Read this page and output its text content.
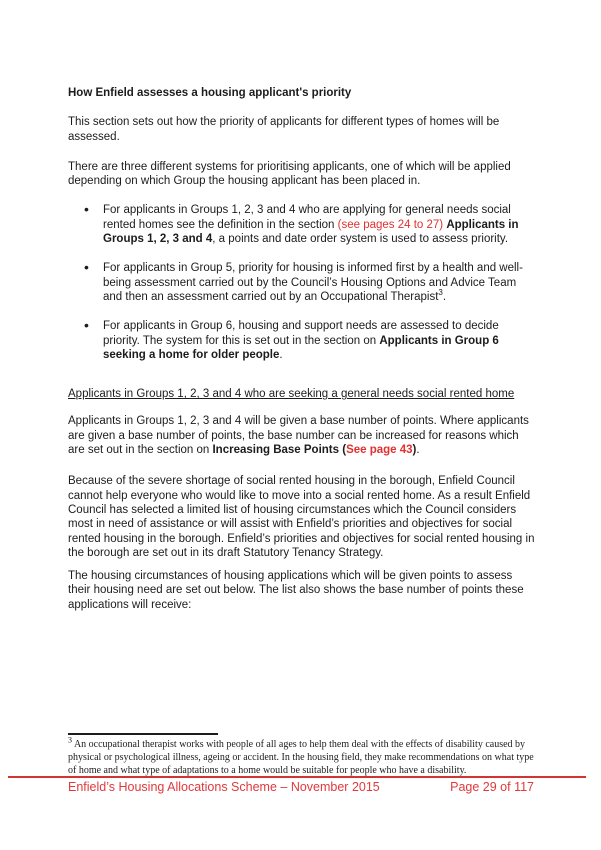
How Enfield assesses a housing applicant's priority

This section sets out how the priority of applicants for different types of homes will be assessed.

There are three different systems for prioritising applicants, one of which will be applied depending on which Group the housing applicant has been placed in.

• For applicants in Groups 1, 2, 3 and 4 who are applying for general needs social rented homes see the definition in the section (see pages 24 to 27) Applicants in Groups 1, 2, 3 and 4, a points and date order system is used to assess priority.
• For applicants in Group 5, priority for housing is informed first by a health and well-being assessment carried out by the Council’s Housing Options and Advice Team and then an assessment carried out by an Occupational Therapist$^3$.
• For applicants in Group 6, housing and support needs are assessed to decide priority. The system for this is set out in the section on Applicants in Group 6 seeking a home for older people.
Applicants in Groups 1, 2, 3 and 4 who are seeking a general needs social rented home

Applicants in Groups 1, 2, 3 and 4 will be given a base number of points. Where applicants are given a base number of points, the base number can be increased for reasons which are set out in the section on Increasing Base Points (See page 43).

Because of the severe shortage of social rented housing in the borough, Enfield Council cannot help everyone who would like to move into a social rented home. As a result Enfield Council has selected a limited list of housing circumstances which the Council considers most in need of assistance or will assist with Enfield’s priorities and objectives for social rented housing in the borough. Enfield’s priorities and objectives for social rented housing in the borough are set out in its draft Statutory Tenancy Strategy.

The housing circumstances of housing applications which will be given points to assess their housing need are set out below. The list also shows the base number of points these applications will receive:

$^3$ An occupational therapist works with people of all ages to help them deal with the effects of disability caused by physical or psychological illness, ageing or accident. In the housing field, they make recommendations on what type of home and what type of adaptations to a home would be suitable for people who have a disability.
Enfield’s Housing Allocations Scheme – November 2015	Page 29 of 117
